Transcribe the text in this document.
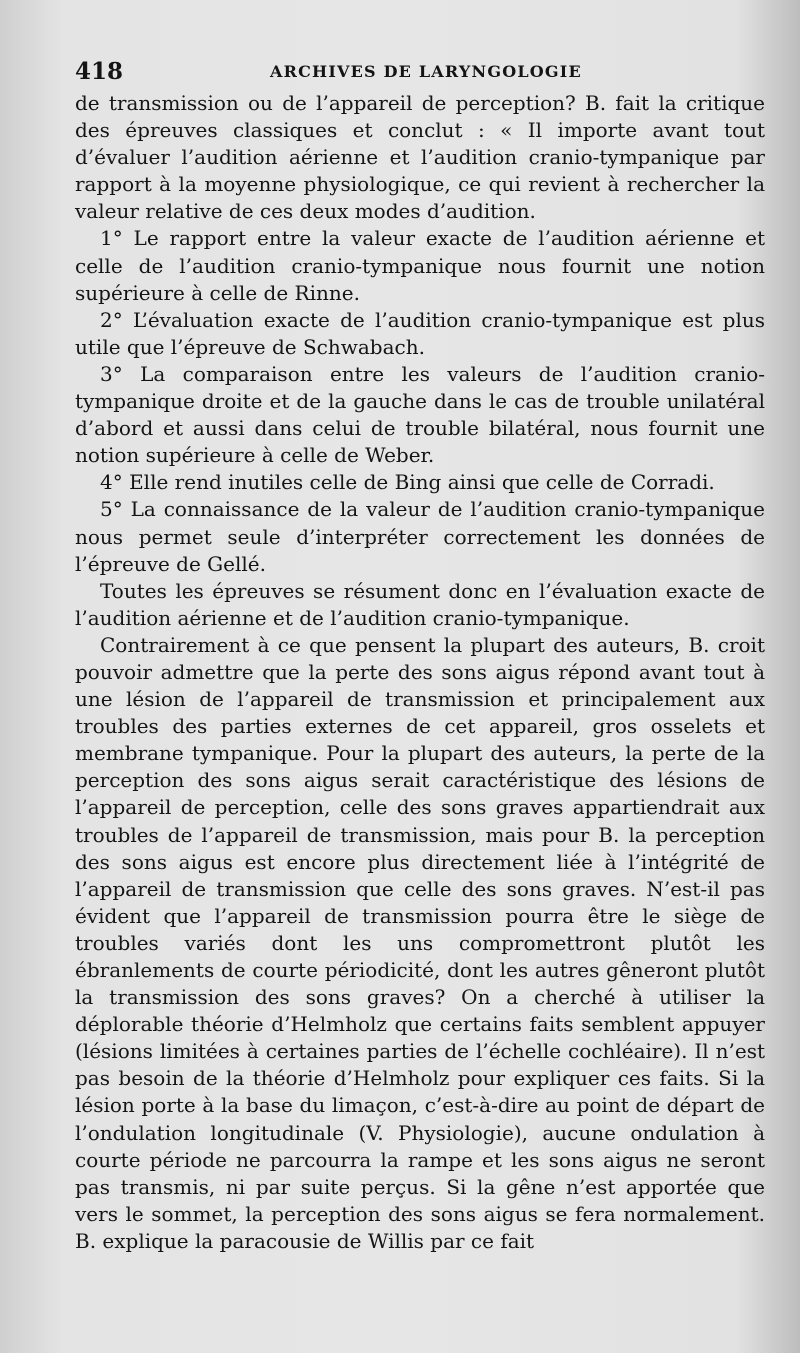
418	ARCHIVES DE LARYNGOLOGIE

de transmission ou de l’appareil de perception? B. fait la critique des épreuves classiques et conclut : « Il importe avant tout d’évaluer l’audition aérienne et l’audition cranio-tympanique par rapport à la moyenne physiologique, ce qui revient à rechercher la valeur relative de ces deux modes d’audition.

1° Le rapport entre la valeur exacte de l’audition aérienne et celle de l’audition cranio-tympanique nous fournit une notion supérieure à celle de Rinne.

2° L’évaluation exacte de l’audition cranio-tympanique est plus utile que l’épreuve de Schwabach.

3° La comparaison entre les valeurs de l’audition cranio-tympanique droite et de la gauche dans le cas de trouble unilatéral d’abord et aussi dans celui de trouble bilatéral, nous fournit une notion supérieure à celle de Weber.

4° Elle rend inutiles celle de Bing ainsi que celle de Corradi.

5° La connaissance de la valeur de l’audition cranio-tympanique nous permet seule d’interpréter correctement les données de l’épreuve de Gellé.

Toutes les épreuves se résument donc en l’évaluation exacte de l’audition aérienne et de l’audition cranio-tympanique.

Contrairement à ce que pensent la plupart des auteurs, B. croit pouvoir admettre que la perte des sons aigus répond avant tout à une lésion de l’appareil de transmission et principalement aux troubles des parties externes de cet appareil, gros osselets et membrane tympanique. Pour la plupart des auteurs, la perte de la perception des sons aigus serait caractéristique des lésions de l’appareil de perception, celle des sons graves appartiendrait aux troubles de l’appareil de transmission, mais pour B. la perception des sons aigus est encore plus directement liée à l’intégrité de l’appareil de transmission que celle des sons graves. N’est-il pas évident que l’appareil de transmission pourra être le siège de troubles variés dont les uns compromettront plutôt les ébranlements de courte périodicité, dont les autres gêneront plutôt la transmission des sons graves? On a cherché à utiliser la déplorable théorie d’Helmholz que certains faits semblent appuyer (lésions limitées à certaines parties de l’échelle cochléaire). Il n’est pas besoin de la théorie d’Helmholz pour expliquer ces faits. Si la lésion porte à la base du limaçon, c’est-à-dire au point de départ de l’ondulation longitudinale (V. Physiologie), aucune ondulation à courte période ne parcourra la rampe et les sons aigus ne seront pas transmis, ni par suite perçus. Si la gêne n’est apportée que vers le sommet, la perception des sons aigus se fera normalement. B. explique la paracousie de Willis par ce fait
